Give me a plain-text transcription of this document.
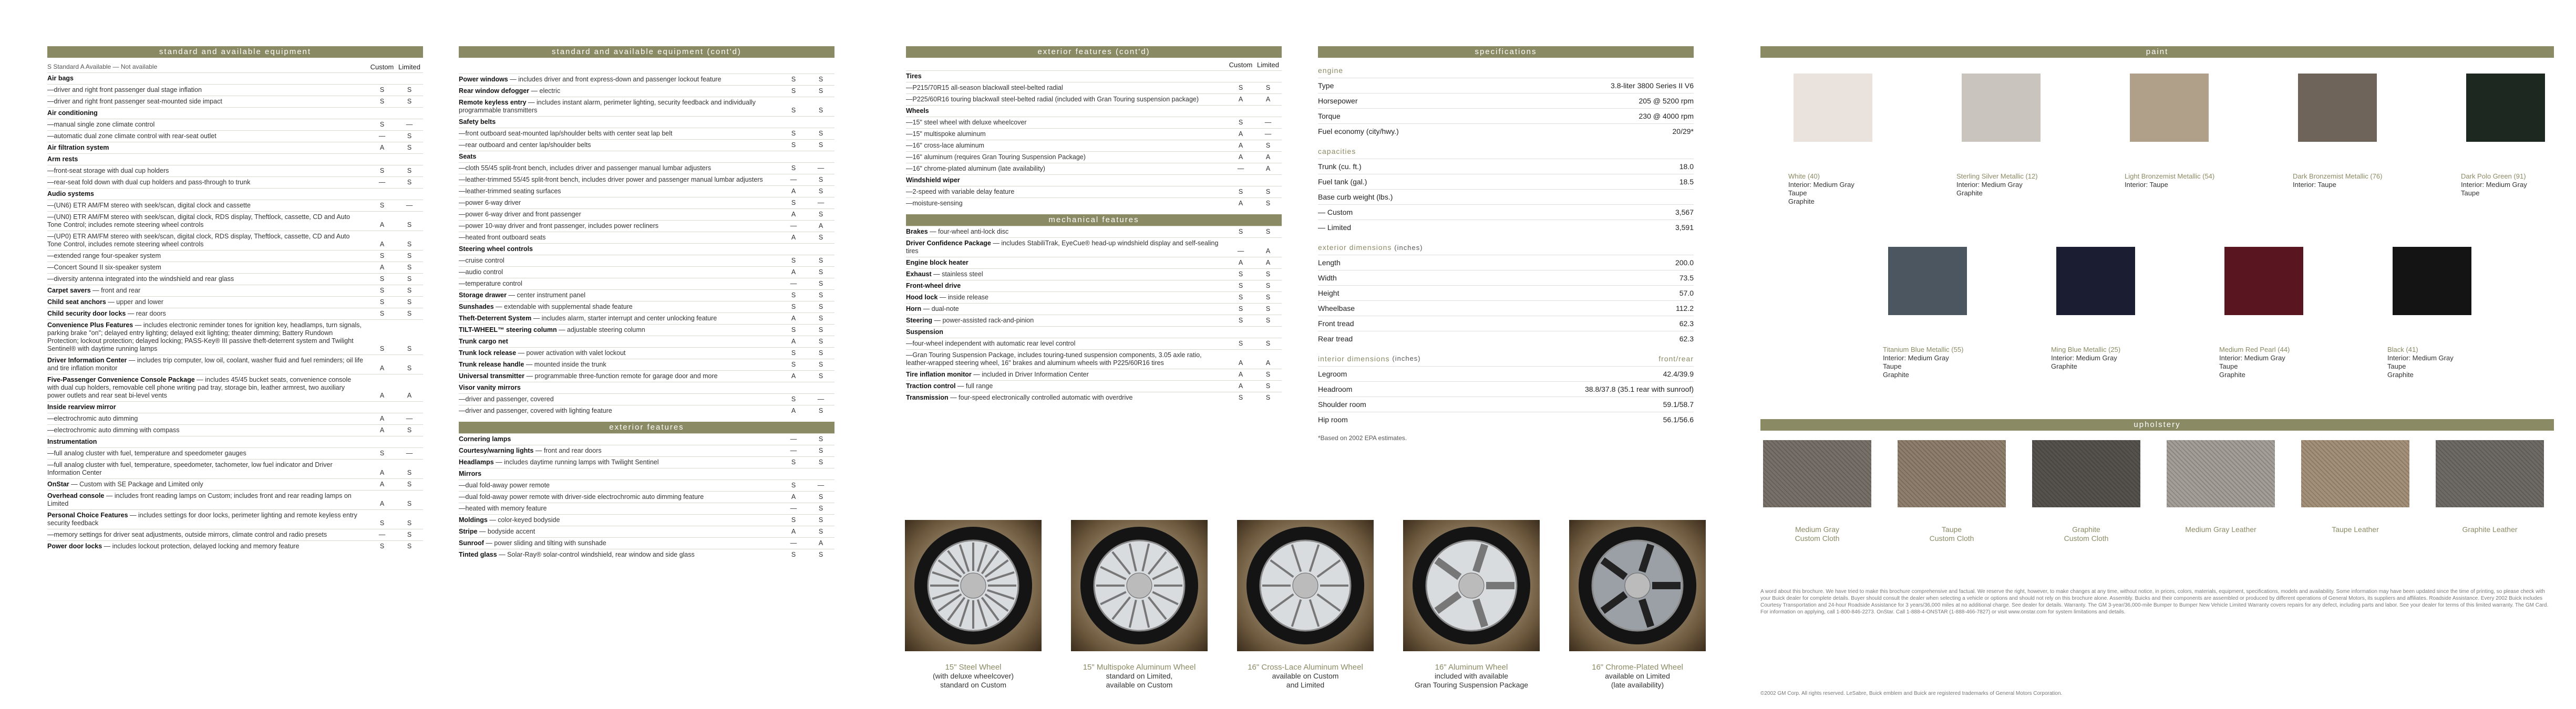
standard and available equipment
S Standard A Available — Not available	Custom Limited
Air bags
—driver and right front passenger dual stage inflation	S	S
—driver and right front passenger seat-mounted side impact	S	S
Air conditioning
—manual single zone climate control	S	—
—automatic dual zone climate control with rear-seat outlet	—	S
Air filtration system	A	S
Arm rests
—front-seat storage with dual cup holders	S	S
—rear-seat fold down with dual cup holders and pass-through to trunk	—	S
Audio systems
—(UN6) ETR AM/FM stereo with seek/scan, digital clock and cassette	S	—
—(UN0) ETR AM/FM stereo with seek/scan, digital clock, RDS display, Theftlock, cassette, CD and Auto Tone Control; includes remote steering wheel controls	A	S
—(UP0) ETR AM/FM stereo with seek/scan, digital clock, RDS display, Theftlock, cassette, CD and Auto Tone Control, includes remote steering wheel controls	A	S
—extended range four-speaker system	S	S
—Concert Sound II six-speaker system	A	S
—diversity antenna integrated into the windshield and rear glass	S	S
Carpet savers — front and rear	S	S
Child seat anchors — upper and lower	S	S
Child security door locks — rear doors	S	S
Convenience Plus Features — includes electronic reminder tones for ignition key, headlamps, turn signals, parking brake "on"; delayed entry lighting; delayed exit lighting; theater dimming; Battery Rundown Protection; lockout protection; delayed locking; PASS-Key® III passive theft-deterrent system and Twilight Sentinel® with daytime running lamps	S	S
Driver Information Center — includes trip computer, low oil, coolant, washer fluid and fuel reminders; oil life and tire inflation monitor	A	S
Five-Passenger Convenience Console Package — includes 45/45 bucket seats, convenience console with dual cup holders, removable cell phone writing pad tray, storage bin, leather armrest, two auxiliary power outlets and rear seat bi-level vents	A	A
Inside rearview mirror
—electrochromic auto dimming	A	—
—electrochromic auto dimming with compass	A	S
Instrumentation
—full analog cluster with fuel, temperature and speedometer gauges	S	—
—full analog cluster with fuel, temperature, speedometer, tachometer, low fuel indicator and Driver Information Center	A	S
OnStar — Custom with SE Package and Limited only	A	S
Overhead console — includes front reading lamps on Custom; includes front and rear reading lamps on Limited	A	S
Personal Choice Features — includes settings for door locks, perimeter lighting and remote keyless entry security feedback	S	S
—memory settings for driver seat adjustments, outside mirrors, climate control and radio presets	—	S
Power door locks — includes lockout protection, delayed locking and memory feature	S	S
standard and available equipment (cont'd)
Power windows — includes driver and front express-down and passenger lockout feature	S	S
Rear window defogger — electric	S	S
Remote keyless entry — includes instant alarm, perimeter lighting, security feedback and individually programmable transmitters	S	S
Safety belts
—front outboard seat-mounted lap/shoulder belts with center seat lap belt	S	S
—rear outboard and center lap/shoulder belts	S	S
Seats
—cloth 55/45 split-front bench, includes driver and passenger manual lumbar adjusters	S	—
—leather-trimmed 55/45 split-front bench, includes driver power and passenger manual lumbar adjusters	—	S
—leather-trimmed seating surfaces	A	S
—power 6-way driver	S	—
—power 6-way driver and front passenger	A	S
—power 10-way driver and front passenger, includes power recliners	—	A
—heated front outboard seats	A	S
Steering wheel controls
—cruise control	S	S
—audio control	A	S
—temperature control	—	S
Storage drawer — center instrument panel	S	S
Sunshades — extendable with supplemental shade feature	S	S
Theft-Deterrent System — includes alarm, starter interrupt and center unlocking feature	A	S
TILT-WHEEL™ steering column — adjustable steering column	S	S
Trunk cargo net	A	S
Trunk lock release — power activation with valet lockout	S	S
Trunk release handle — mounted inside the trunk	S	S
Universal transmitter — programmable three-function remote for garage door and more	A	S
Visor vanity mirrors
—driver and passenger, covered	S	—
—driver and passenger, covered with lighting feature	A	S
exterior features
Cornering lamps	—	S
Courtesy/warning lights — front and rear doors	—	S
Headlamps — includes daytime running lamps with Twilight Sentinel	S	S
Mirrors
—dual fold-away power remote	S	—
—dual fold-away power remote with driver-side electrochromic auto dimming feature	A	S
—heated with memory feature	—	S
Moldings — color-keyed bodyside	S	S
Stripe — bodyside accent	A	S
Sunroof — power sliding and tilting with sunshade	—	A
Tinted glass — Solar-Ray® solar-control windshield, rear window and side glass	S	S
exterior features (cont'd)
Custom Limited
Tires
—P215/70R15 all-season blackwall steel-belted radial	S	S
—P225/60R16 touring blackwall steel-belted radial (included with Gran Touring suspension package)	A	A
Wheels
—15" steel wheel with deluxe wheelcover	S	—
—15" multispoke aluminum	A	—
—16" cross-lace aluminum	A	S
—16" aluminum (requires Gran Touring Suspension Package)	A	A
—16" chrome-plated aluminum (late availability)	—	A
Windshield wiper
—2-speed with variable delay feature	S	S
—moisture-sensing	A	S
mechanical features
Brakes — four-wheel anti-lock disc	S	S
Driver Confidence Package — includes StabiliTrak, EyeCue® head-up windshield display and self-sealing tires	—	A
Engine block heater	A	A
Exhaust — stainless steel	S	S
Front-wheel drive	S	S
Hood lock — inside release	S	S
Horn — dual-note	S	S
Steering — power-assisted rack-and-pinion	S	S
Suspension
—four-wheel independent with automatic rear level control	S	S
—Gran Touring Suspension Package, includes touring-tuned suspension components, 3.05 axle ratio, leather-wrapped steering wheel, 16" brakes and aluminum wheels with P225/60R16 tires	A	A
Tire inflation monitor — included in Driver Information Center	A	S
Traction control — full range	A	S
Transmission — four-speed electronically controlled automatic with overdrive	S	S
specifications
engine
Type	3.8-liter 3800 Series II V6
Horsepower	205 @ 5200 rpm
Torque	230 @ 4000 rpm
Fuel economy (city/hwy.)	20/29*
capacities
Trunk (cu. ft.)	18.0
Fuel tank (gal.)	18.5
Base curb weight (lbs.)
— Custom	3,567
— Limited	3,591
exterior dimensions (inches)
Length	200.0
Width	73.5
Height	57.0
Wheelbase	112.2
Front tread	62.3
Rear tread	62.3
interior dimensions
(inches)	front/rear
Legroom	42.4/39.9
Headroom	38.8/37.8 (35.1 rear with sunroof)
Shoulder room	59.1/58.7
Hip room	56.1/56.6
*Based on 2002 EPA estimates.
15" Steel Wheel
(with deluxe wheelcover)
standard on Custom
15" Multispoke Aluminum Wheel
standard on Limited,
available on Custom
16" Cross-Lace Aluminum Wheel
available on Custom
and Limited
16" Aluminum Wheel
included with available
Gran Touring Suspension Package
16" Chrome-Plated Wheel
available on Limited
(late availability)
paint
White (40)
Interior: Medium Gray
Taupe
Graphite
Sterling Silver Metallic (12)
Interior: Medium Gray
Graphite
Light Bronzemist Metallic (54)
Interior: Taupe
Dark Bronzemist Metallic (76)
Interior: Taupe
Dark Polo Green (91)
Interior: Medium Gray
Taupe
Titanium Blue Metallic (55)
Interior: Medium Gray
Taupe
Graphite
Ming Blue Metallic (25)
Interior: Medium Gray
Graphite
Medium Red Pearl (44)
Interior: Medium Gray
Taupe
Graphite
Black (41)
Interior: Medium Gray
Taupe
Graphite
upholstery
Medium Gray
Custom Cloth
Taupe
Custom Cloth
Graphite
Custom Cloth
Medium Gray Leather	Taupe Leather	Graphite Leather
A word about this brochure. We have tried to make this brochure comprehensive and factual. We reserve the right, however, to make changes at any time, without notice, in prices, colors, materials, equipment, specifications, models and availability. Some information may have been updated since the time of printing, so please check with your Buick dealer for complete details. Buyer should consult the dealer when selecting a vehicle or options and should not rely on this brochure alone. Assembly. Buicks and their components are assembled or produced by different operations of General Motors, its suppliers and affiliates. Roadside Assistance. Every 2002 Buick includes Courtesy Transportation and 24-hour Roadside Assistance for 3 years/36,000 miles at no additional charge. See dealer for details. Warranty. The GM 3-year/36,000-mile Bumper to Bumper New Vehicle Limited Warranty covers repairs for any defect, including parts and labor. See your dealer for terms of this limited warranty. The GM Card. For information on applying, call 1-800-846-2273. OnStar. Call 1-888-4-ONSTAR (1-888-466-7827) or visit www.onstar.com for system limitations and details.
©2002 GM Corp. All rights reserved. LeSabre, Buick emblem and Buick are registered trademarks of General Motors Corporation.
